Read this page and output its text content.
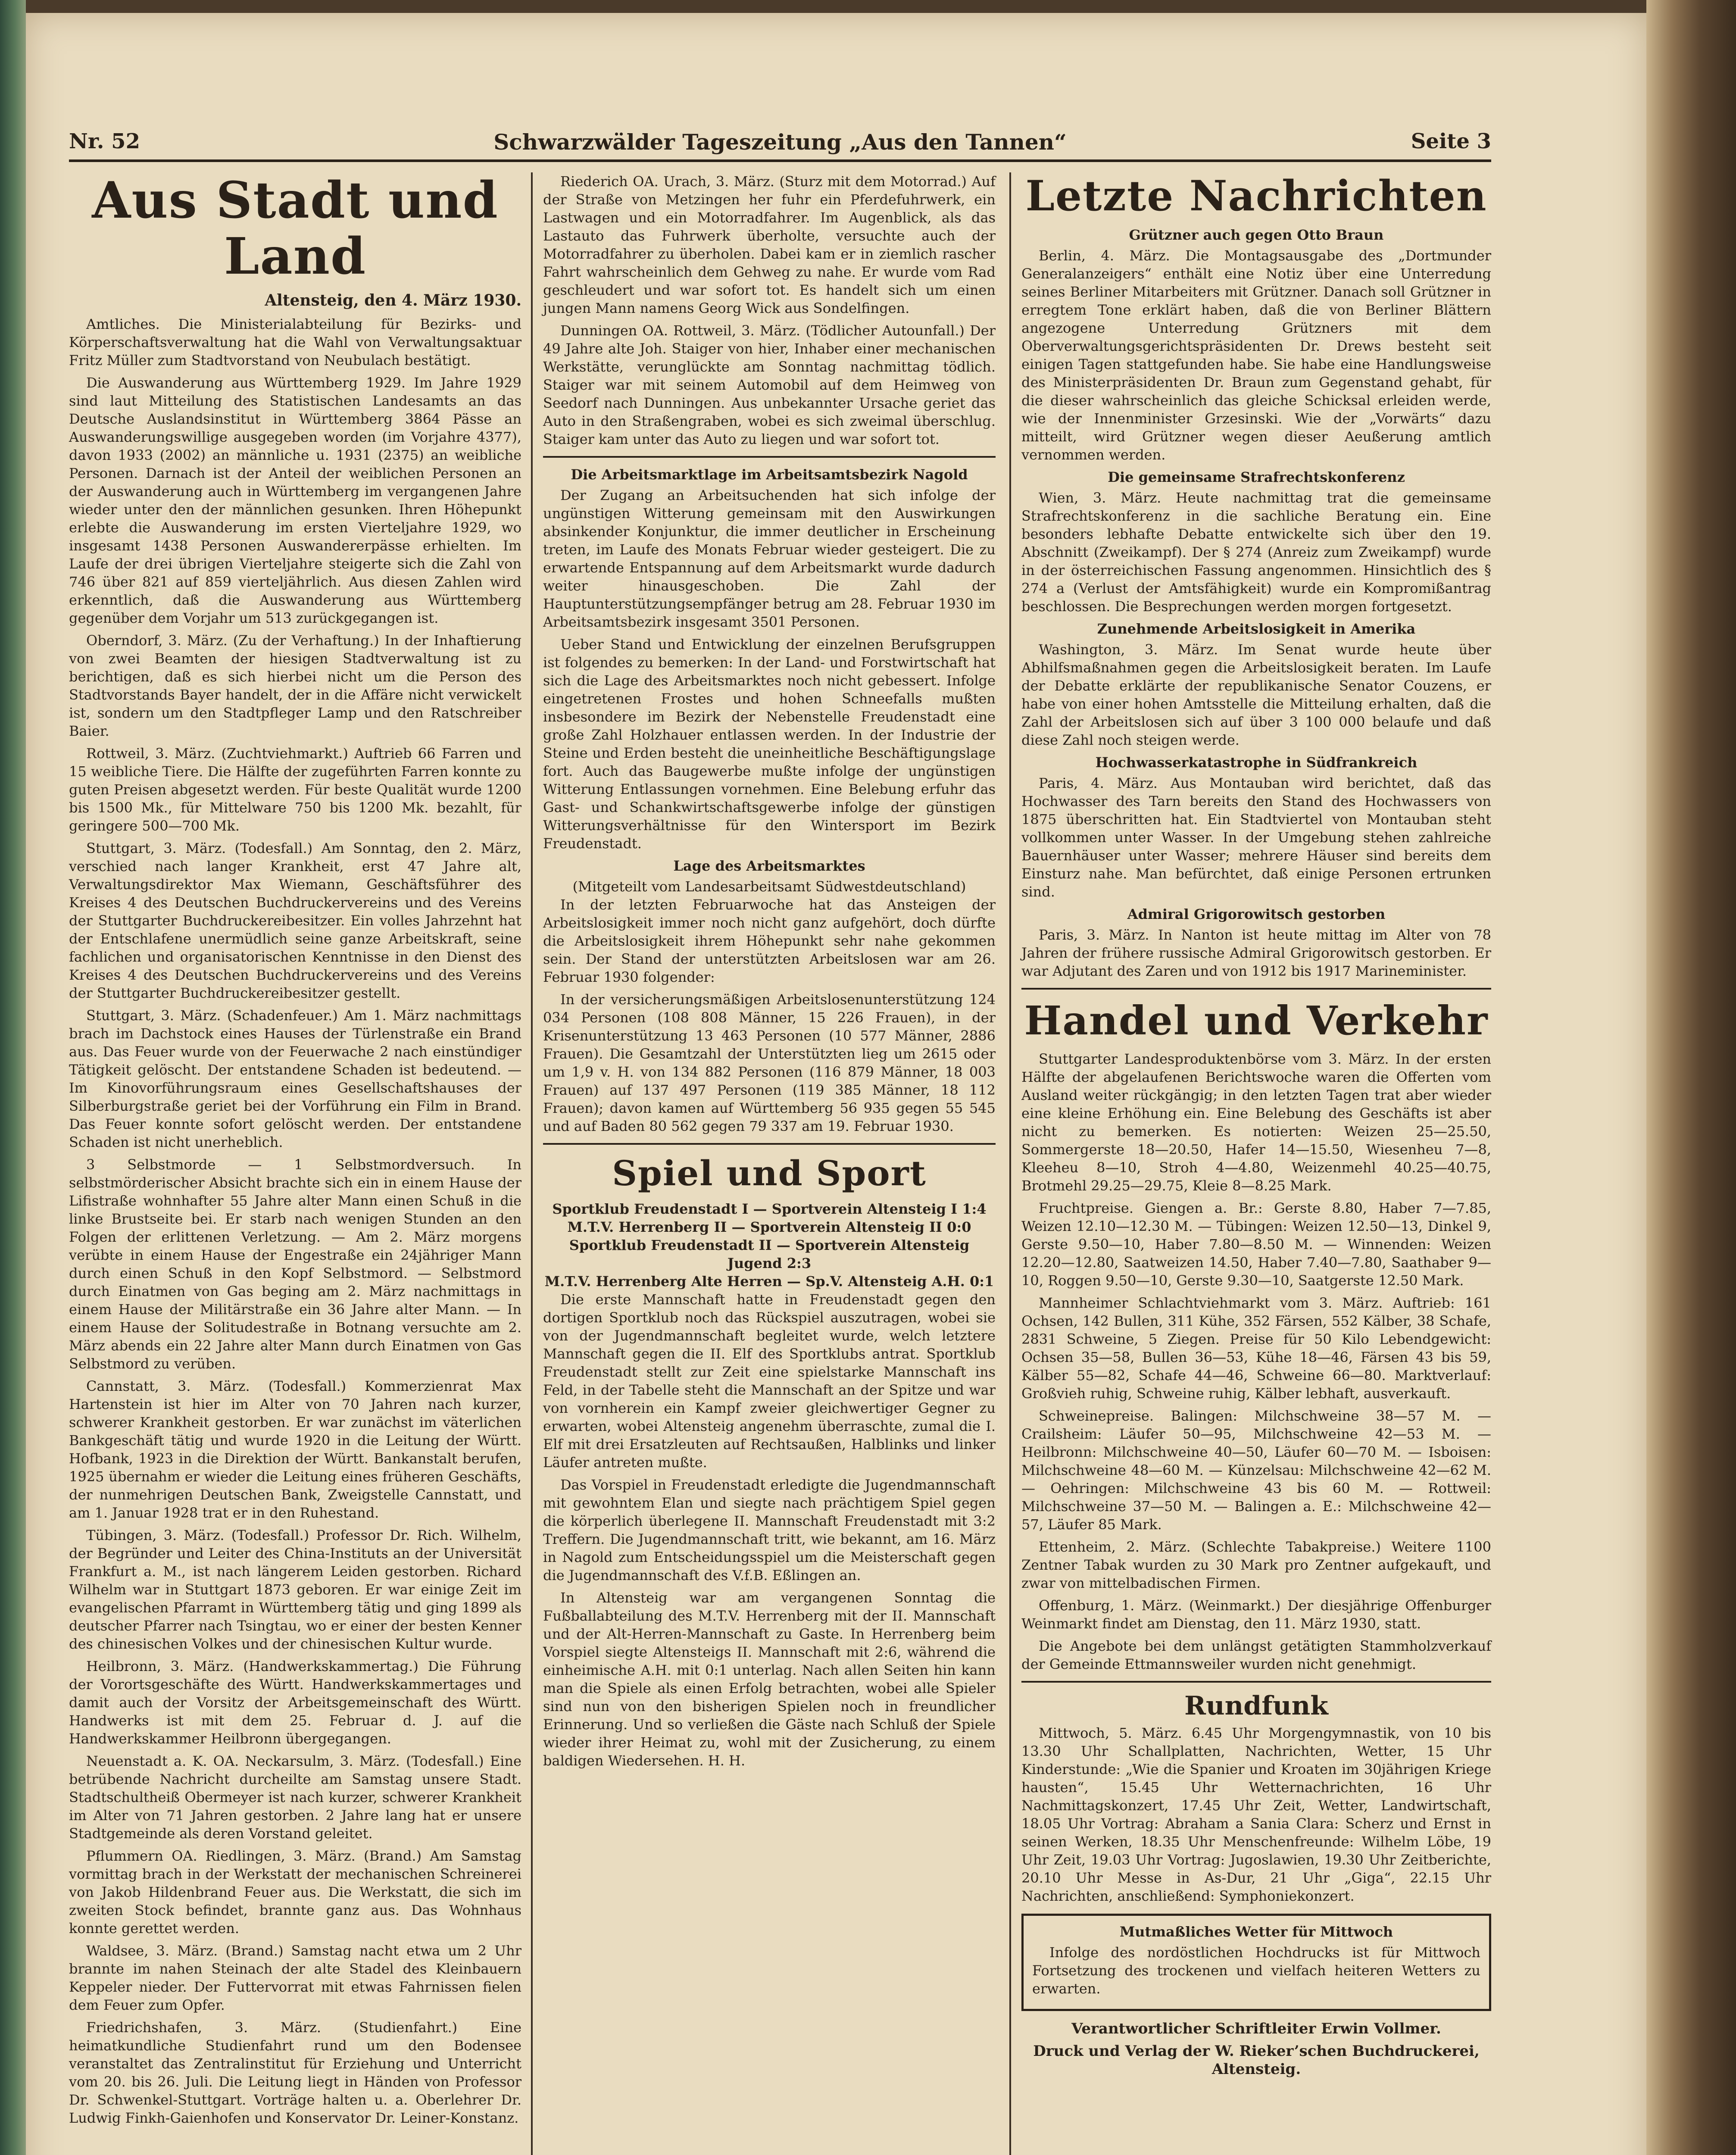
Nr. 52	Schwarzwälder Tageszeitung „Aus den Tannen“	Seite 3
Aus Stadt und Land
Altensteig, den 4. März 1930.

Amtliches. Die Ministerialabteilung für Bezirks- und Körperschaftsverwaltung hat die Wahl von Verwaltungsaktuar Fritz Müller zum Stadtvorstand von Neubulach bestätigt.

Die Auswanderung aus Württemberg 1929. Im Jahre 1929 sind laut Mitteilung des Statistischen Landesamts an das Deutsche Auslandsinstitut in Württemberg 3864 Pässe an Auswanderungswillige ausgegeben worden (im Vorjahre 4377), davon 1933 (2002) an männliche u. 1931 (2375) an weibliche Personen. Darnach ist der Anteil der weiblichen Personen an der Auswanderung auch in Württemberg im vergangenen Jahre wieder unter den der männlichen gesunken. Ihren Höhepunkt erlebte die Auswanderung im ersten Vierteljahre 1929, wo insgesamt 1438 Personen Auswandererpässe erhielten. Im Laufe der drei übrigen Vierteljahre steigerte sich die Zahl von 746 über 821 auf 859 vierteljährlich. Aus diesen Zahlen wird erkenntlich, daß die Auswanderung aus Württemberg gegenüber dem Vorjahr um 513 zurückgegangen ist.

Oberndorf, 3. März. (Zu der Verhaftung.) In der Inhaftierung von zwei Beamten der hiesigen Stadtverwaltung ist zu berichtigen, daß es sich hierbei nicht um die Person des Stadtvorstands Bayer handelt, der in die Affäre nicht verwickelt ist, sondern um den Stadtpfleger Lamp und den Ratschreiber Baier.

Rottweil, 3. März. (Zuchtviehmarkt.) Auftrieb 66 Farren und 15 weibliche Tiere. Die Hälfte der zugeführten Farren konnte zu guten Preisen abgesetzt werden. Für beste Qualität wurde 1200 bis 1500 Mk., für Mittelware 750 bis 1200 Mk. bezahlt, für geringere 500—700 Mk.

Stuttgart, 3. März. (Todesfall.) Am Sonntag, den 2. März, verschied nach langer Krankheit, erst 47 Jahre alt, Verwaltungsdirektor Max Wiemann, Geschäftsführer des Kreises 4 des Deutschen Buchdruckervereins und des Vereins der Stuttgarter Buchdruckereibesitzer. Ein volles Jahrzehnt hat der Entschlafene unermüdlich seine ganze Arbeitskraft, seine fachlichen und organisatorischen Kenntnisse in den Dienst des Kreises 4 des Deutschen Buchdruckervereins und des Vereins der Stuttgarter Buchdruckereibesitzer gestellt.

Stuttgart, 3. März. (Schadenfeuer.) Am 1. März nachmittags brach im Dachstock eines Hauses der Türlenstraße ein Brand aus. Das Feuer wurde von der Feuerwache 2 nach einstündiger Tätigkeit gelöscht. Der entstandene Schaden ist bedeutend. — Im Kinovorführungsraum eines Gesellschaftshauses der Silberburgstraße geriet bei der Vorführung ein Film in Brand. Das Feuer konnte sofort gelöscht werden. Der entstandene Schaden ist nicht unerheblich.

3 Selbstmorde — 1 Selbstmordversuch. In selbstmörderischer Absicht brachte sich ein in einem Hause der Lifistraße wohnhafter 55 Jahre alter Mann einen Schuß in die linke Brustseite bei. Er starb nach wenigen Stunden an den Folgen der erlittenen Verletzung. — Am 2. März morgens verübte in einem Hause der Engestraße ein 24jähriger Mann durch einen Schuß in den Kopf Selbstmord. — Selbstmord durch Einatmen von Gas beging am 2. März nachmittags in einem Hause der Militärstraße ein 36 Jahre alter Mann. — In einem Hause der Solitudestraße in Botnang versuchte am 2. März abends ein 22 Jahre alter Mann durch Einatmen von Gas Selbstmord zu verüben.

Cannstatt, 3. März. (Todesfall.) Kommerzienrat Max Hartenstein ist hier im Alter von 70 Jahren nach kurzer, schwerer Krankheit gestorben. Er war zunächst im väterlichen Bankgeschäft tätig und wurde 1920 in die Leitung der Württ. Hofbank, 1923 in die Direktion der Württ. Bankanstalt berufen, 1925 übernahm er wieder die Leitung eines früheren Geschäfts, der nunmehrigen Deutschen Bank, Zweigstelle Cannstatt, und am 1. Januar 1928 trat er in den Ruhestand.

Tübingen, 3. März. (Todesfall.) Professor Dr. Rich. Wilhelm, der Begründer und Leiter des China-Instituts an der Universität Frankfurt a. M., ist nach längerem Leiden gestorben. Richard Wilhelm war in Stuttgart 1873 geboren. Er war einige Zeit im evangelischen Pfarramt in Württemberg tätig und ging 1899 als deutscher Pfarrer nach Tsingtau, wo er einer der besten Kenner des chinesischen Volkes und der chinesischen Kultur wurde.

Heilbronn, 3. März. (Handwerkskammertag.) Die Führung der Vorortsgeschäfte des Württ. Handwerkskammertages und damit auch der Vorsitz der Arbeitsgemeinschaft des Württ. Handwerks ist mit dem 25. Februar d. J. auf die Handwerkskammer Heilbronn übergegangen.

Neuenstadt a. K. OA. Neckarsulm, 3. März. (Todesfall.) Eine betrübende Nachricht durcheilte am Samstag unsere Stadt. Stadtschultheiß Obermeyer ist nach kurzer, schwerer Krankheit im Alter von 71 Jahren gestorben. 2 Jahre lang hat er unsere Stadtgemeinde als deren Vorstand geleitet.

Pflummern OA. Riedlingen, 3. März. (Brand.) Am Samstag vormittag brach in der Werkstatt der mechanischen Schreinerei von Jakob Hildenbrand Feuer aus. Die Werkstatt, die sich im zweiten Stock befindet, brannte ganz aus. Das Wohnhaus konnte gerettet werden.

Waldsee, 3. März. (Brand.) Samstag nacht etwa um 2 Uhr brannte im nahen Steinach der alte Stadel des Kleinbauern Keppeler nieder. Der Futtervorrat mit etwas Fahrnissen fielen dem Feuer zum Opfer.

Friedrichshafen, 3. März. (Studienfahrt.) Eine heimatkundliche Studienfahrt rund um den Bodensee veranstaltet das Zentralinstitut für Erziehung und Unterricht vom 20. bis 26. Juli. Die Leitung liegt in Händen von Professor Dr. Schwenkel-Stuttgart. Vorträge halten u. a. Oberlehrer Dr. Ludwig Finkh-Gaienhofen und Konservator Dr. Leiner-Konstanz.

Riederich OA. Urach, 3. März. (Sturz mit dem Motorrad.) Auf der Straße von Metzingen her fuhr ein Pferdefuhrwerk, ein Lastwagen und ein Motorradfahrer. Im Augenblick, als das Lastauto das Fuhrwerk überholte, versuchte auch der Motorradfahrer zu überholen. Dabei kam er in ziemlich rascher Fahrt wahrscheinlich dem Gehweg zu nahe. Er wurde vom Rad geschleudert und war sofort tot. Es handelt sich um einen jungen Mann namens Georg Wick aus Sondelfingen.

Dunningen OA. Rottweil, 3. März. (Tödlicher Autounfall.) Der 49 Jahre alte Joh. Staiger von hier, Inhaber einer mechanischen Werkstätte, verunglückte am Sonntag nachmittag tödlich. Staiger war mit seinem Automobil auf dem Heimweg von Seedorf nach Dunningen. Aus unbekannter Ursache geriet das Auto in den Straßengraben, wobei es sich zweimal überschlug. Staiger kam unter das Auto zu liegen und war sofort tot.

Die Arbeitsmarktlage im Arbeitsamtsbezirk Nagold

Der Zugang an Arbeitsuchenden hat sich infolge der ungünstigen Witterung gemeinsam mit den Auswirkungen absinkender Konjunktur, die immer deutlicher in Erscheinung treten, im Laufe des Monats Februar wieder gesteigert. Die zu erwartende Entspannung auf dem Arbeitsmarkt wurde dadurch weiter hinausgeschoben. Die Zahl der Hauptunterstützungsempfänger betrug am 28. Februar 1930 im Arbeitsamtsbezirk insgesamt 3501 Personen.

Ueber Stand und Entwicklung der einzelnen Berufsgruppen ist folgendes zu bemerken: In der Land- und Forstwirtschaft hat sich die Lage des Arbeitsmarktes noch nicht gebessert. Infolge eingetretenen Frostes und hohen Schneefalls mußten insbesondere im Bezirk der Nebenstelle Freudenstadt eine große Zahl Holzhauer entlassen werden. In der Industrie der Steine und Erden besteht die uneinheitliche Beschäftigungslage fort. Auch das Baugewerbe mußte infolge der ungünstigen Witterung Entlassungen vornehmen. Eine Belebung erfuhr das Gast- und Schankwirtschaftsgewerbe infolge der günstigen Witterungsverhältnisse für den Wintersport im Bezirk Freudenstadt.

Lage des Arbeitsmarktes
(Mitgeteilt vom Landesarbeitsamt Südwestdeutschland)

In der letzten Februarwoche hat das Ansteigen der Arbeitslosigkeit immer noch nicht ganz aufgehört, doch dürfte die Arbeitslosigkeit ihrem Höhepunkt sehr nahe gekommen sein. Der Stand der unterstützten Arbeitslosen war am 26. Februar 1930 folgender:

In der versicherungsmäßigen Arbeitslosenunterstützung 124 034 Personen (108 808 Männer, 15 226 Frauen), in der Krisenunterstützung 13 463 Personen (10 577 Männer, 2886 Frauen). Die Gesamtzahl der Unterstützten lieg um 2615 oder um 1,9 v. H. von 134 882 Personen (116 879 Männer, 18 003 Frauen) auf 137 497 Personen (119 385 Männer, 18 112 Frauen); davon kamen auf Württemberg 56 935 gegen 55 545 und auf Baden 80 562 gegen 79 337 am 19. Februar 1930.

Spiel und Sport

Sportklub Freudenstadt I — Sportverein Altensteig I 1:4

M.T.V. Herrenberg II — Sportverein Altensteig II 0:0

Sportklub Freudenstadt II — Sportverein Altensteig Jugend 2:3

M.T.V. Herrenberg Alte Herren — Sp.V. Altensteig A.H. 0:1

Die erste Mannschaft hatte in Freudenstadt gegen den dortigen Sportklub noch das Rückspiel auszutragen, wobei sie von der Jugendmannschaft begleitet wurde, welch letztere Mannschaft gegen die II. Elf des Sportklubs antrat. Sportklub Freudenstadt stellt zur Zeit eine spielstarke Mannschaft ins Feld, in der Tabelle steht die Mannschaft an der Spitze und war von vornherein ein Kampf zweier gleichwertiger Gegner zu erwarten, wobei Altensteig angenehm überraschte, zumal die I. Elf mit drei Ersatzleuten auf Rechtsaußen, Halblinks und linker Läufer antreten mußte.

Das Vorspiel in Freudenstadt erledigte die Jugendmannschaft mit gewohntem Elan und siegte nach prächtigem Spiel gegen die körperlich überlegene II. Mannschaft Freudenstadt mit 3:2 Treffern. Die Jugendmannschaft tritt, wie bekannt, am 16. März in Nagold zum Entscheidungsspiel um die Meisterschaft gegen die Jugendmannschaft des V.f.B. Eßlingen an.

In Altensteig war am vergangenen Sonntag die Fußballabteilung des M.T.V. Herrenberg mit der II. Mannschaft und der Alt-Herren-Mannschaft zu Gaste. In Herrenberg beim Vorspiel siegte Altensteigs II. Mannschaft mit 2:6, während die einheimische A.H. mit 0:1 unterlag. Nach allen Seiten hin kann man die Spiele als einen Erfolg betrachten, wobei alle Spieler sind nun von den bisherigen Spielen noch in freundlicher Erinnerung. Und so verließen die Gäste nach Schluß der Spiele wieder ihrer Heimat zu, wohl mit der Zusicherung, zu einem baldigen Wiedersehen. H. H.

Letzte Nachrichten
Grützner auch gegen Otto Braun

Berlin, 4. März. Die Montagsausgabe des „Dortmunder Generalanzeigers“ enthält eine Notiz über eine Unterredung seines Berliner Mitarbeiters mit Grützner. Danach soll Grützner in erregtem Tone erklärt haben, daß die von Berliner Blättern angezogene Unterredung Grützners mit dem Oberverwaltungsgerichtspräsidenten Dr. Drews besteht seit einigen Tagen stattgefunden habe. Sie habe eine Handlungsweise des Ministerpräsidenten Dr. Braun zum Gegenstand gehabt, für die dieser wahrscheinlich das gleiche Schicksal erleiden werde, wie der Innenminister Grzesinski. Wie der „Vorwärts“ dazu mitteilt, wird Grützner wegen dieser Aeußerung amtlich vernommen werden.

Die gemeinsame Strafrechtskonferenz

Wien, 3. März. Heute nachmittag trat die gemeinsame Strafrechtskonferenz in die sachliche Beratung ein. Eine besonders lebhafte Debatte entwickelte sich über den 19. Abschnitt (Zweikampf). Der § 274 (Anreiz zum Zweikampf) wurde in der österreichischen Fassung angenommen. Hinsichtlich des § 274 a (Verlust der Amtsfähigkeit) wurde ein Kompromißantrag beschlossen. Die Besprechungen werden morgen fortgesetzt.

Zunehmende Arbeitslosigkeit in Amerika

Washington, 3. März. Im Senat wurde heute über Abhilfsmaßnahmen gegen die Arbeitslosigkeit beraten. Im Laufe der Debatte erklärte der republikanische Senator Couzens, er habe von einer hohen Amtsstelle die Mitteilung erhalten, daß die Zahl der Arbeitslosen sich auf über 3 100 000 belaufe und daß diese Zahl noch steigen werde.

Hochwasserkatastrophe in Südfrankreich

Paris, 4. März. Aus Montauban wird berichtet, daß das Hochwasser des Tarn bereits den Stand des Hochwassers von 1875 überschritten hat. Ein Stadtviertel von Montauban steht vollkommen unter Wasser. In der Umgebung stehen zahlreiche Bauernhäuser unter Wasser; mehrere Häuser sind bereits dem Einsturz nahe. Man befürchtet, daß einige Personen ertrunken sind.

Admiral Grigorowitsch gestorben

Paris, 3. März. In Nanton ist heute mittag im Alter von 78 Jahren der frühere russische Admiral Grigorowitsch gestorben. Er war Adjutant des Zaren und von 1912 bis 1917 Marineminister.

Handel und Verkehr

Stuttgarter Landesproduktenbörse vom 3. März. In der ersten Hälfte der abgelaufenen Berichtswoche waren die Offerten vom Ausland weiter rückgängig; in den letzten Tagen trat aber wieder eine kleine Erhöhung ein. Eine Belebung des Geschäfts ist aber nicht zu bemerken. Es notierten: Weizen 25—25.50, Sommergerste 18—20.50, Hafer 14—15.50, Wiesenheu 7—8, Kleeheu 8—10, Stroh 4—4.80, Weizenmehl 40.25—40.75, Brotmehl 29.25—29.75, Kleie 8—8.25 Mark.

Fruchtpreise. Giengen a. Br.: Gerste 8.80, Haber 7—7.85, Weizen 12.10—12.30 M. — Tübingen: Weizen 12.50—13, Dinkel 9, Gerste 9.50—10, Haber 7.80—8.50 M. — Winnenden: Weizen 12.20—12.80, Saatweizen 14.50, Haber 7.40—7.80, Saathaber 9—10, Roggen 9.50—10, Gerste 9.30—10, Saatgerste 12.50 Mark.

Mannheimer Schlachtviehmarkt vom 3. März. Auftrieb: 161 Ochsen, 142 Bullen, 311 Kühe, 352 Färsen, 552 Kälber, 38 Schafe, 2831 Schweine, 5 Ziegen. Preise für 50 Kilo Lebendgewicht: Ochsen 35—58, Bullen 36—53, Kühe 18—46, Färsen 43 bis 59, Kälber 55—82, Schafe 44—46, Schweine 66—80. Marktverlauf: Großvieh ruhig, Schweine ruhig, Kälber lebhaft, ausverkauft.

Schweinepreise. Balingen: Milchschweine 38—57 M. — Crailsheim: Läufer 50—95, Milchschweine 42—53 M. — Heilbronn: Milchschweine 40—50, Läufer 60—70 M. — Isboisen: Milchschweine 48—60 M. — Künzelsau: Milchschweine 42—62 M. — Oehringen: Milchschweine 43 bis 60 M. — Rottweil: Milchschweine 37—50 M. — Balingen a. E.: Milchschweine 42—57, Läufer 85 Mark.

Ettenheim, 2. März. (Schlechte Tabakpreise.) Weitere 1100 Zentner Tabak wurden zu 30 Mark pro Zentner aufgekauft, und zwar von mittelbadischen Firmen.

Offenburg, 1. März. (Weinmarkt.) Der diesjährige Offenburger Weinmarkt findet am Dienstag, den 11. März 1930, statt.

Die Angebote bei dem unlängst getätigten Stammholzverkauf der Gemeinde Ettmannsweiler wurden nicht genehmigt.

Rundfunk

Mittwoch, 5. März. 6.45 Uhr Morgengymnastik, von 10 bis 13.30 Uhr Schallplatten, Nachrichten, Wetter, 15 Uhr Kinderstunde: „Wie die Spanier und Kroaten im 30jährigen Kriege hausten“, 15.45 Uhr Wetternachrichten, 16 Uhr Nachmittagskonzert, 17.45 Uhr Zeit, Wetter, Landwirtschaft, 18.05 Uhr Vortrag: Abraham a Sania Clara: Scherz und Ernst in seinen Werken, 18.35 Uhr Menschenfreunde: Wilhelm Löbe, 19 Uhr Zeit, 19.03 Uhr Vortrag: Jugoslawien, 19.30 Uhr Zeitberichte, 20.10 Uhr Messe in As-Dur, 21 Uhr „Giga“, 22.15 Uhr Nachrichten, anschließend: Symphoniekonzert.

Mutmaßliches Wetter für Mittwoch

Infolge des nordöstlichen Hochdrucks ist für Mittwoch Fortsetzung des trockenen und vielfach heiteren Wetters zu erwarten.

Verantwortlicher Schriftleiter Erwin Vollmer.

Druck und Verlag der W. Rieker’schen Buchdruckerei, Altensteig.
